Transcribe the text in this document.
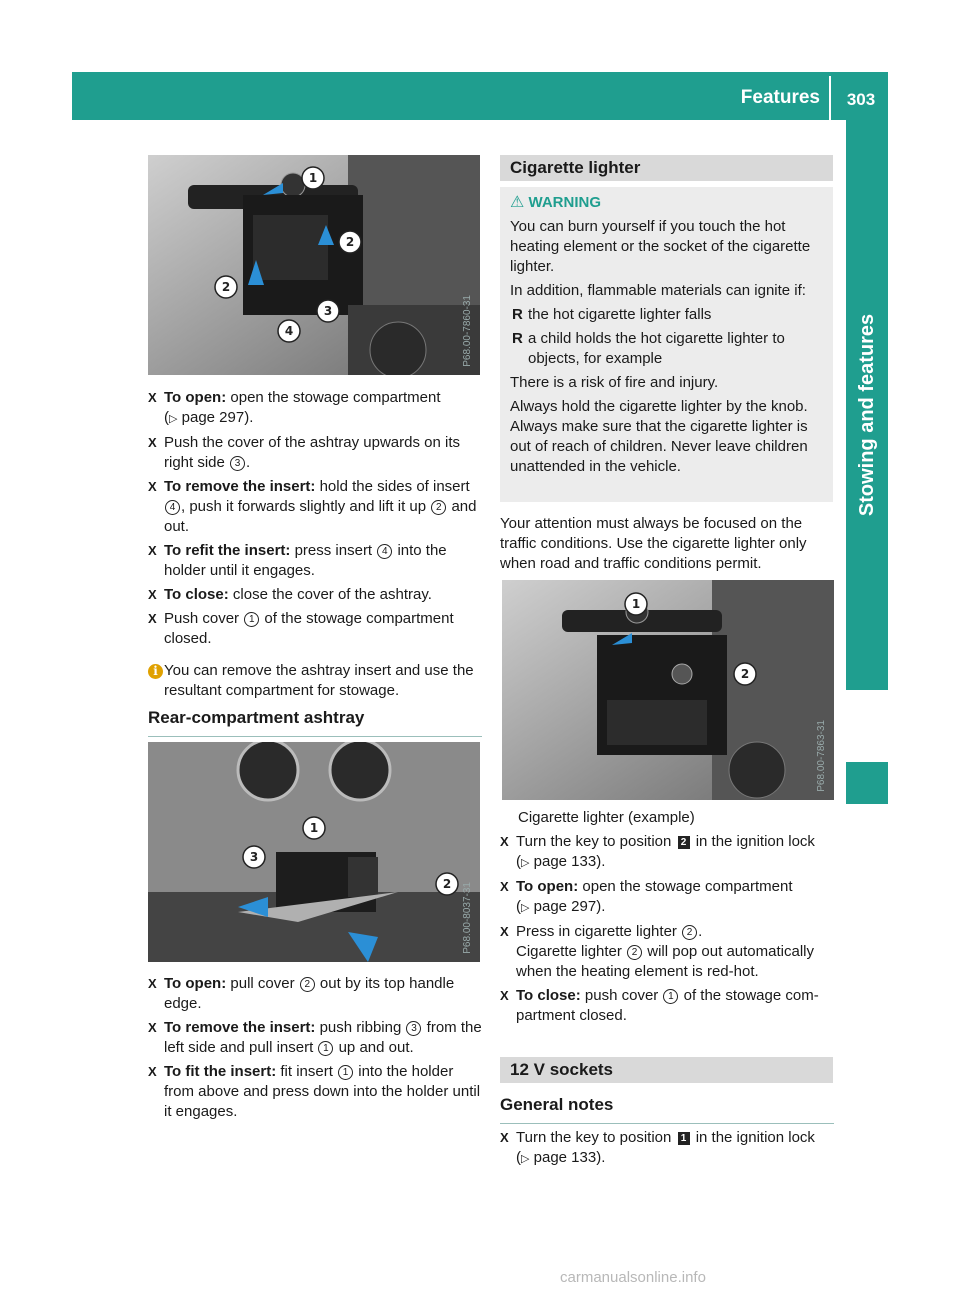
Features	303
Stowing and features
1
2
2
3
4	P68.00-7860-31
X To open: open the stowage compartment
(▷ page 297).
X Push the cover of the ashtray upwards on its right side 3 .
X To remove the insert: hold the sides of insert 4 , push it forwards slightly and lift it up 2 and out.
X To refit the insert: press insert 4 into the holder until it engages.
X To close: close the cover of the ashtray.
X Push cover 1 of the stowage compartment closed.
i You can remove the ashtray insert and use the resultant compartment for stowage.
Rear-compartment ashtray
1
2
3
P68.00-8037-31
X To open: pull cover 2 out by its top handle edge.
X To remove the insert: push ribbing 3 from the left side and pull insert 1 up and out.
X To fit the insert: fit insert 1 into the holder from above and press down into the holder until it engages.
Cigarette lighter
⚠ WARNING

You can burn yourself if you touch the hot heating element or the socket of the cigarette lighter.

In addition, flammable materials can ignite if:

R the hot cigarette lighter falls
R a child holds the hot cigarette lighter to objects, for example

There is a risk of fire and injury.

Always hold the cigarette lighter by the knob. Always make sure that the cigarette lighter is out of reach of children. Never leave children unattended in the vehicle.

Your attention must always be focused on the traffic conditions. Use the cigarette lighter only when road and traffic conditions permit.

1
2
P68.00-7863-31

Cigarette lighter (example)

X Turn the key to position 2 in the ignition lock
(▷ page 133).
X To open: open the stowage compartment
(▷ page 297).
X Press in cigarette lighter 2 .
Cigarette lighter 2 will pop out automatically when the heating element is red-hot.
X To close: push cover 1 of the stowage com- partment closed.
12 V sockets
General notes
X Turn the key to position 1 in the ignition lock
(▷ page 133).
carmanualsonline.info
